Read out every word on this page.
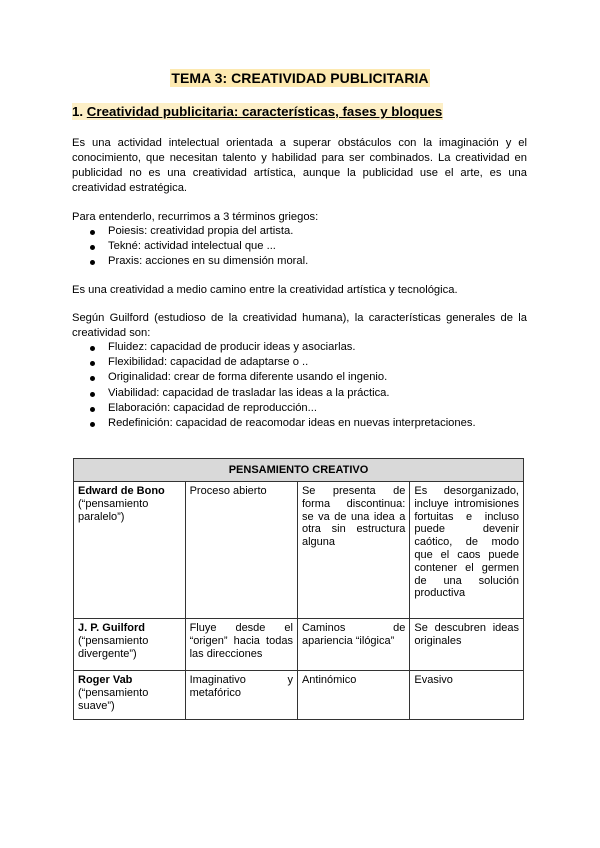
TEMA 3: CREATIVIDAD PUBLICITARIA
1. Creatividad publicitaria: características, fases y bloques

Es una actividad intelectual orientada a superar obstáculos con la imaginación y el conocimiento, que necesitan talento y habilidad para ser combinados. La creatividad en publicidad no es una creatividad artística, aunque la publicidad use el arte, es una creatividad estratégica.

Para entenderlo, recurrimos a 3 términos griegos:

Poiesis: creatividad propia del artista.
Tekné: actividad intelectual que ...
Praxis: acciones en su dimensión moral.

Es una creatividad a medio camino entre la creatividad artística y tecnológica.

Según Guilford (estudioso de la creatividad humana), la características generales de la creatividad son:

Fluidez: capacidad de producir ideas y asociarlas.
Flexibilidad: capacidad de adaptarse o ..
Originalidad: crear de forma diferente usando el ingenio.
Viabilidad: capacidad de trasladar las ideas a la práctica.
Elaboración: capacidad de reproducción...
Redefinición: capacidad de reacomodar ideas en nuevas interpretaciones.
PENSAMIENTO CREATIVO			

Edward de Bono
(“pensamiento paralelo”)	Proceso abierto	Se presenta de forma discontinua: se va de una idea a otra sin estructura alguna	Es desorganizado, incluye intromisiones fortuitas e incluso puede devenir caótico, de modo que el caos puede contener el germen de una solución productiva

J. P. Guilford
(“pensamiento divergente”)	Fluye desde el “origen” hacia todas las direcciones	Caminos de apariencia “ilógica”	Se descubren ideas originales

Roger Vab
(“pensamiento suave”)	Imaginativo y metafórico	Antinómico	Evasivo
